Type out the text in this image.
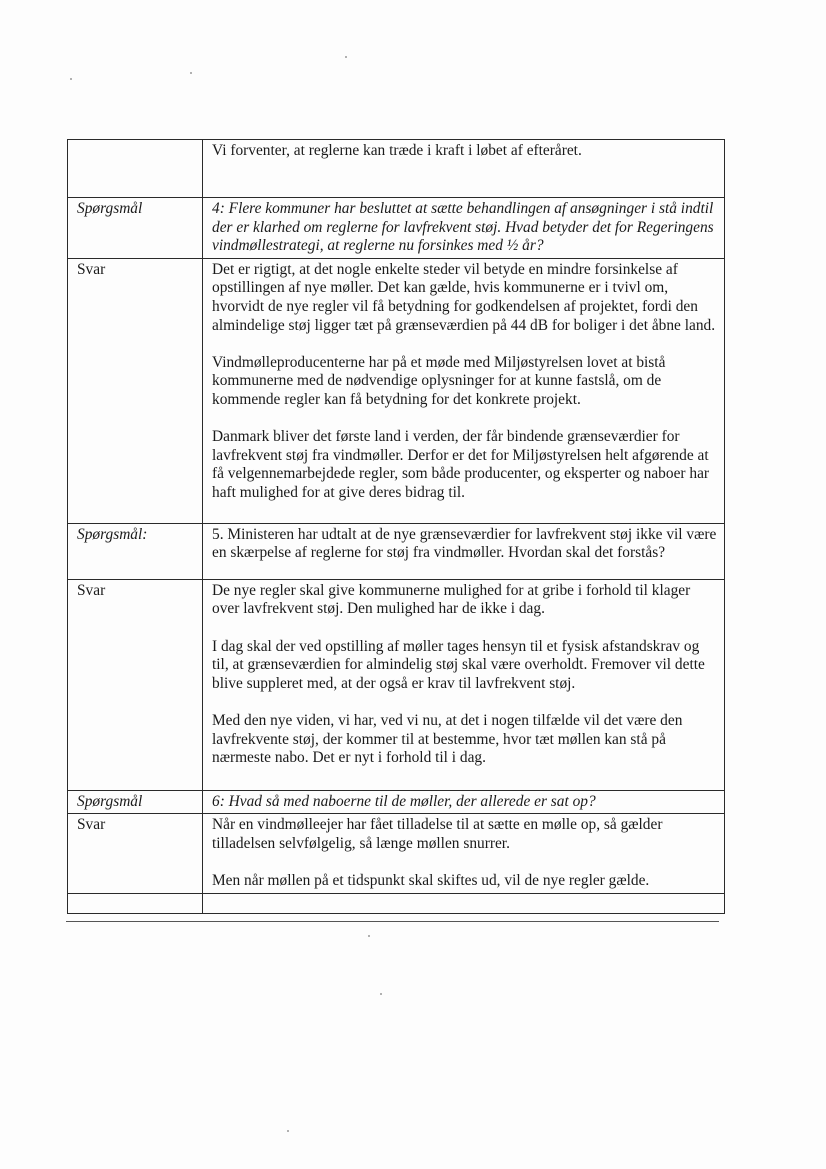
	Vi forventer, at reglerne kan træde i kraft i løbet af efteråret.

Spørgsmål	4: Flere kommuner har besluttet at sætte behandlingen af ansøgninger i stå indtil der er klarhed om reglerne for lavfrekvent støj. Hvad betyder det for Regeringens vindmøllestrategi, at reglerne nu forsinkes med ½ år?

Svar	Det er rigtigt, at det nogle enkelte steder vil betyde en mindre forsinkelse af opstillingen af nye møller. Det kan gælde, hvis kommunerne er i tvivl om, hvorvidt de nye regler vil få betydning for godkendelsen af projektet, fordi den almindelige støj ligger tæt på grænseværdien på 44 dB for boliger i det åbne land.

Vindmølleproducenterne har på et møde med Miljøstyrelsen lovet at bistå kommunerne med de nødvendige oplysninger for at kunne fastslå, om de kommende regler kan få betydning for det konkrete projekt.

Danmark bliver det første land i verden, der får bindende grænseværdier for lavfrekvent støj fra vindmøller. Derfor er det for Miljøstyrelsen helt afgørende at få velgennemarbejdede regler, som både producenter, og eksperter og naboer har haft mulighed for at give deres bidrag til.

Spørgsmål:	5. Ministeren har udtalt at de nye grænseværdier for lavfrekvent støj ikke vil være en skærpelse af reglerne for støj fra vindmøller. Hvordan skal det forstås?

Svar	De nye regler skal give kommunerne mulighed for at gribe i forhold til klager over lavfrekvent støj. Den mulighed har de ikke i dag.

I dag skal der ved opstilling af møller tages hensyn til et fysisk afstandskrav og til, at grænseværdien for almindelig støj skal være overholdt. Fremover vil dette blive suppleret med, at der også er krav til lavfrekvent støj.

Med den nye viden, vi har, ved vi nu, at det i nogen tilfælde vil det være den lavfrekvente støj, der kommer til at bestemme, hvor tæt møllen kan stå på nærmeste nabo. Det er nyt i forhold til i dag.

Spørgsmål	6: Hvad så med naboerne til de møller, der allerede er sat op?

Svar	Når en vindmølleejer har fået tilladelse til at sætte en mølle op, så gælder tilladelsen selvfølgelig, så længe møllen snurrer.

Men når møllen på et tidspunkt skal skiftes ud, vil de nye regler gælde.
